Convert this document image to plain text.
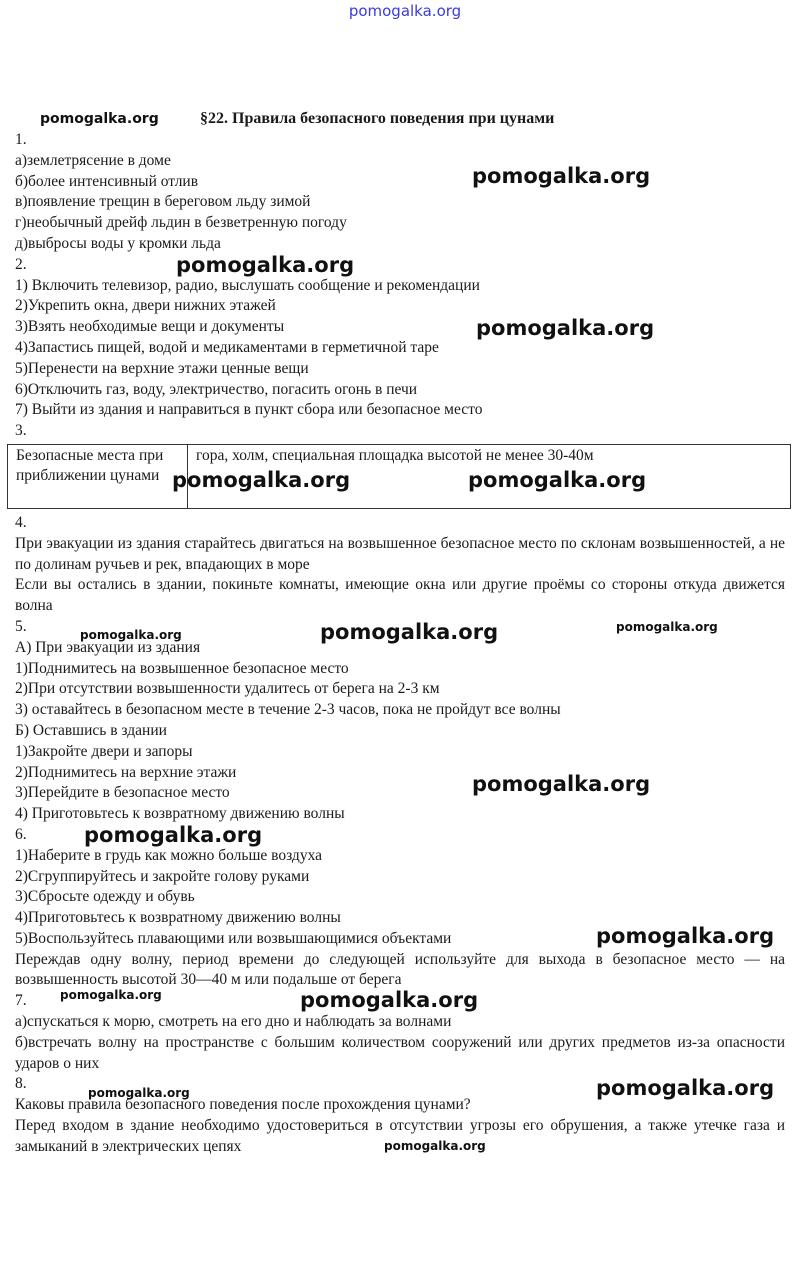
pomogalka.org
§22. Правила безопасного поведения при цунами
1.
а)землетрясение в доме
б)более интенсивный отлив
в)появление трещин в береговом льду зимой
г)необычный дрейф льдин в безветренную погоду
д)выбросы воды у кромки льда
2.
1) Включить телевизор, радио, выслушать сообщение и рекомендации
2)Укрепить окна, двери нижних этажей
3)Взять необходимые вещи и документы
4)Запастись пищей, водой и медикаментами в герметичной таре
5)Перенести на верхние этажи ценные вещи
6)Отключить газ, воду, электричество, погасить огонь в печи
7) Выйти из здания и направиться в пункт сбора или безопасное место
3.
Безопасные места при приближении цунами	гора, холм, специальная площадка высотой не менее 30-40м
4.
При эвакуации из здания старайтесь двигаться на возвышенное безопасное место по склонам возвышенностей, а не по долинам ручьев и рек, впадающих в море
Если вы остались в здании, покиньте комнаты, имеющие окна или другие проёмы со стороны откуда движется волна
5.
А) При эвакуации из здания
1)Поднимитесь на возвышенное безопасное место
2)При отсутствии возвышенности удалитесь от берега на 2-3 км
3) оставайтесь в безопасном месте в течение 2-3 часов, пока не пройдут все волны
Б) Оставшись в здании
1)Закройте двери и запоры
2)Поднимитесь на верхние этажи
3)Перейдите в безопасное место
4) Приготовьтесь к возвратному движению волны
6.
1)Наберите в грудь как можно больше воздуха
2)Сгруппируйтесь и закройте голову руками
3)Сбросьте одежду и обувь
4)Приготовьтесь к возвратному движению волны
5)Воспользуйтесь плавающими или возвышающимися объектами
Переждав одну волну, период времени до следующей используйте для выхода в безопасное место — на возвышенность высотой 30—40 м или подальше от берега
7.
а)спускаться к морю, смотреть на его дно и наблюдать за волнами
б)встречать волну на пространстве с большим количеством сооружений или других предметов из-за опасности ударов о них
8.
Каковы правила безопасного поведения после прохождения цунами?
Перед входом в здание необходимо удостовериться в отсутствии угрозы его обрушения, а также утечке газа и замыканий в электрических цепях
pomogalka.org
pomogalka.org
pomogalka.org
pomogalka.org
pomogalka.org	pomogalka.org
pomogalka.org	pomogalka.org	pomogalka.org
pomogalka.org
pomogalka.org
pomogalka.org
pomogalka.org	pomogalka.org
pomogalka.org	pomogalka.org
pomogalka.org
